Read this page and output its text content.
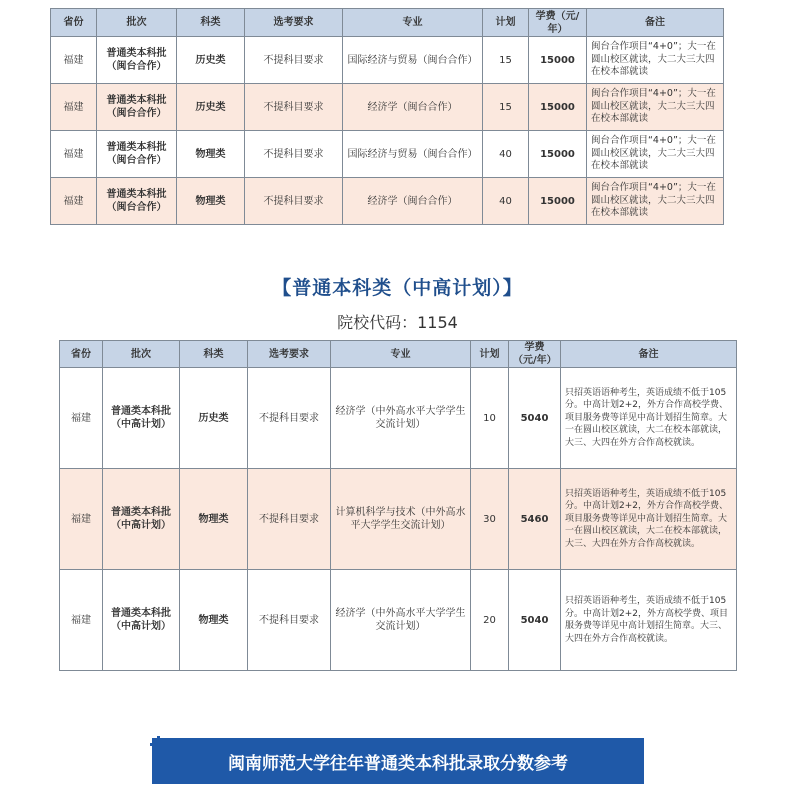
省份	批次	科类	选考要求	专业	计划	学费（元/年）	备注
福建	普通类本科批（闽台合作）	历史类	不提科目要求	国际经济与贸易（闽台合作）	15	15000	闽台合作项目“4+0”；大一在圆山校区就读，大二大三大四在校本部就读
福建	普通类本科批（闽台合作）	历史类	不提科目要求	经济学（闽台合作）	15	15000	闽台合作项目“4+0”；大一在圆山校区就读，大二大三大四在校本部就读
福建	普通类本科批（闽台合作）	物理类	不提科目要求	国际经济与贸易（闽台合作）	40	15000	闽台合作项目“4+0”；大一在圆山校区就读，大二大三大四在校本部就读
福建	普通类本科批（闽台合作）	物理类	不提科目要求	经济学（闽台合作）	40	15000	闽台合作项目“4+0”；大一在圆山校区就读，大二大三大四在校本部就读
【普通本科类（中高计划）】
院校代码：1154
省份	批次	科类	选考要求	专业	计划	学费（元/年）	备注
福建	普通类本科批（中高计划）	历史类	不提科目要求	经济学（中外高水平大学学生交流计划）	10	5040	只招英语语种考生，英语成绩不低于105分。中高计划2+2，外方合作高校学费、项目服务费等详见中高计划招生简章。大一在圆山校区就读，大二在校本部就读，大三、大四在外方合作高校就读。
福建	普通类本科批（中高计划）	物理类	不提科目要求	计算机科学与技术（中外高水平大学学生交流计划）	30	5460	只招英语语种考生，英语成绩不低于105分。中高计划2+2，外方合作高校学费、项目服务费等详见中高计划招生简章。大一在圆山校区就读，大二在校本部就读，大三、大四在外方合作高校就读。
福建	普通类本科批（中高计划）	物理类	不提科目要求	经济学（中外高水平大学学生交流计划）	20	5040	只招英语语种考生，英语成绩不低于105分。中高计划2+2，外方高校学费、项目服务费等详见中高计划招生简章。大三、大四在外方合作高校就读。
闽南师范大学往年普通类本科批录取分数参考
